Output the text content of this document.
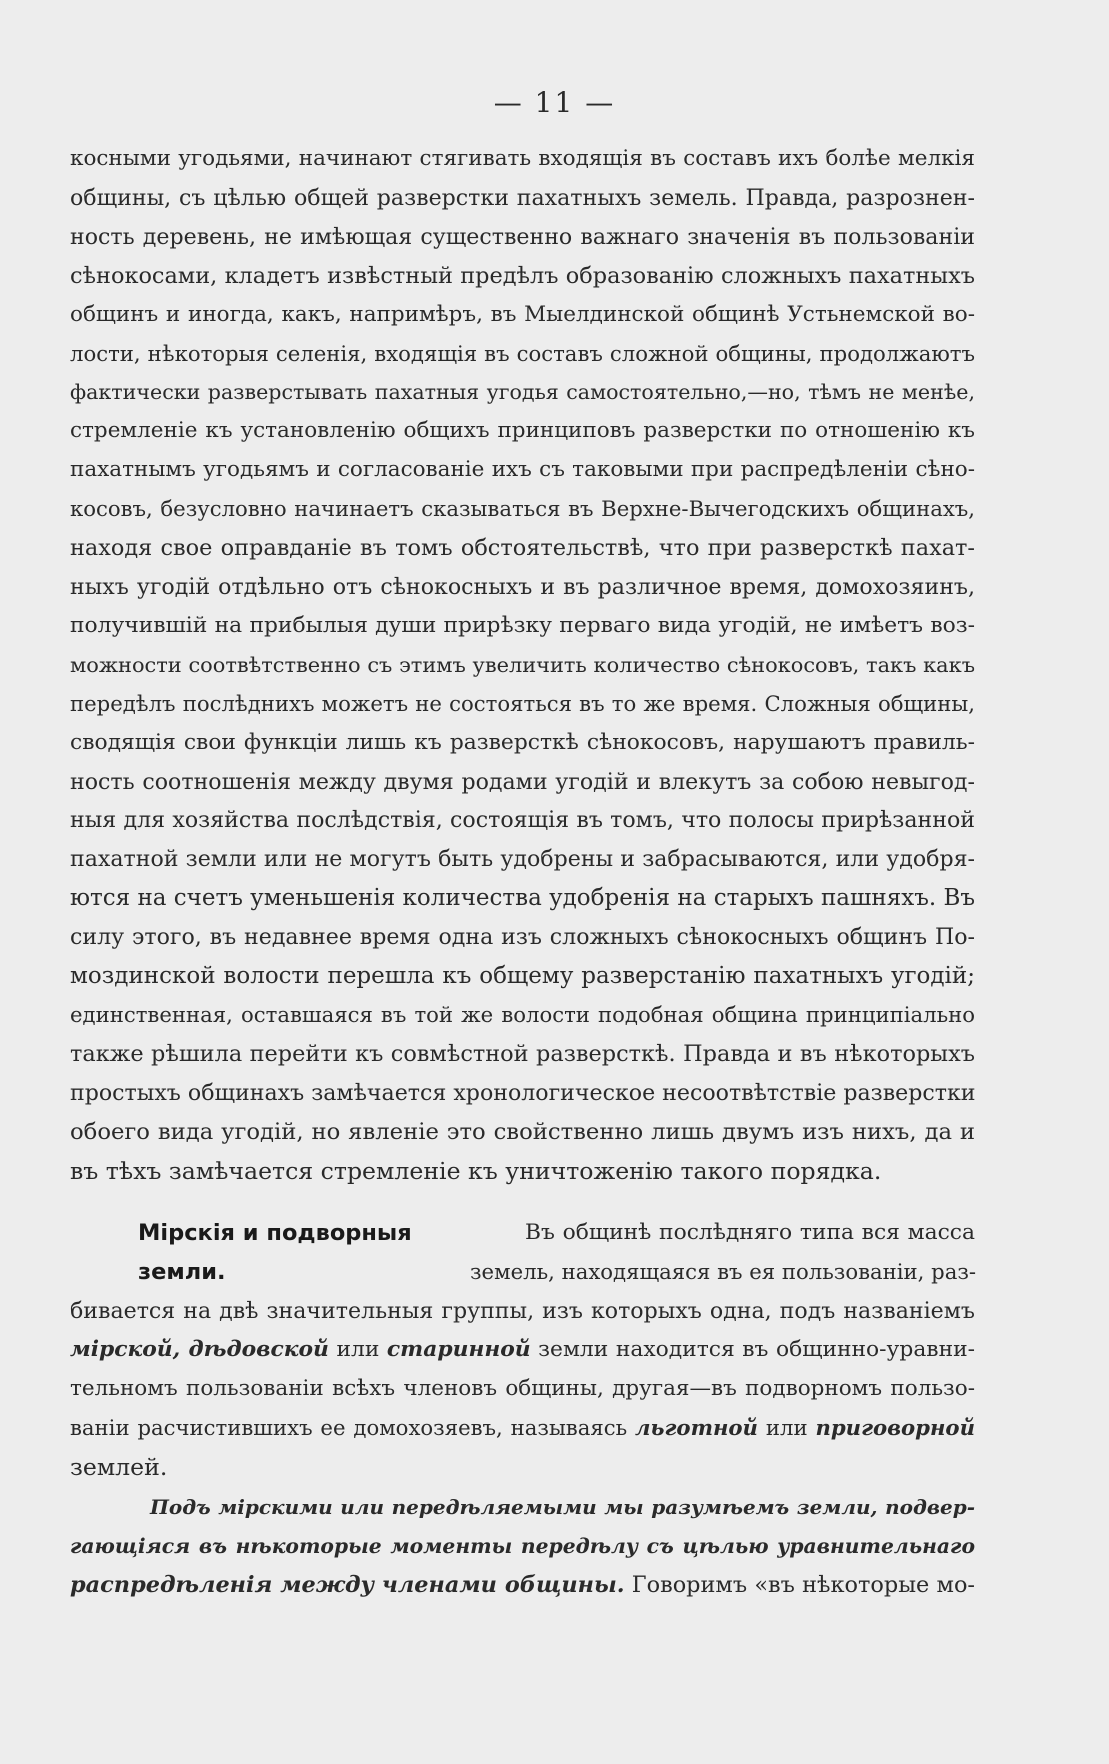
— 11 —
косными угодьями, начинают стягивать входящія въ составъ ихъ болѣе мелкія
общины, съ цѣлью общей разверстки пахатныхъ земель. Правда, разрознен-
ность деревень, не имѣющая существенно важнаго значенія въ пользованіи
сѣнокосами, кладетъ извѣстный предѣлъ образованію сложныхъ пахатныхъ
общинъ и иногда, какъ, напримѣръ, въ Мыелдинской общинѣ Устьнемской во-
лости, нѣкоторыя селенія, входящія въ составъ сложной общины, продолжаютъ
фактически разверстывать пахатныя угодья самостоятельно,—но, тѣмъ не менѣе,
стремленіе къ установленію общихъ принциповъ разверстки по отношенію къ
пахатнымъ угодьямъ и согласованіе ихъ съ таковыми при распредѣленіи сѣно-
косовъ, безусловно начинаетъ сказываться въ Верхне-Вычегодскихъ общинахъ,
находя свое оправданіе въ томъ обстоятельствѣ, что при разверсткѣ пахат-
ныхъ угодій отдѣльно отъ сѣнокосныхъ и въ различное время, домохозяинъ,
получившій на прибылыя души прирѣзку перваго вида угодій, не имѣетъ воз-
можности соотвѣтственно съ этимъ увеличить количество сѣнокосовъ, такъ какъ
передѣлъ послѣднихъ можетъ не состояться въ то же время. Сложныя общины,
сводящія свои функціи лишь къ разверсткѣ сѣнокосовъ, нарушаютъ правиль-
ность соотношенія между двумя родами угодій и влекутъ за собою невыгод-
ныя для хозяйства послѣдствія, состоящія въ томъ, что полосы прирѣзанной
пахатной земли или не могутъ быть удобрены и забрасываются, или удобря-
ются на счетъ уменьшенія количества удобренія на старыхъ пашняхъ. Въ
силу этого, въ недавнее время одна изъ сложныхъ сѣнокосныхъ общинъ По-
моздинской волости перешла къ общему разверстанію пахатныхъ угодій;
единственная, оставшаяся въ той же волости подобная община принципіально
также рѣшила перейти къ совмѣстной разверсткѣ. Правда и въ нѣкоторыхъ
простыхъ общинахъ замѣчается хронологическое несоотвѣтствіе разверстки
обоего вида угодій, но явленіе это свойственно лишь двумъ изъ нихъ, да и
въ тѣхъ замѣчается стремленіе къ уничтоженію такого порядка.
Мірскія и подворныя
земли.
Въ общинѣ послѣдняго типа вся масса
земель, находящаяся въ ея пользованіи, раз-
бивается на двѣ значительныя группы, изъ которыхъ одна, подъ названіемъ
мірской, дѣдовской или старинной земли находится въ общинно-уравни-
тельномъ пользованіи всѣхъ членовъ общины, другая—въ подворномъ пользо-
ваніи расчистившихъ ее домохозяевъ, называясь льготной или приговорной
землей.
Подъ мірскими или передѣляемыми мы разумѣемъ земли, подвер-
гающіяся въ нѣкоторые моменты передѣлу съ цѣлью уравнительнаго
распредѣленія между членами общины. Говоримъ «въ нѣкоторые мо-
